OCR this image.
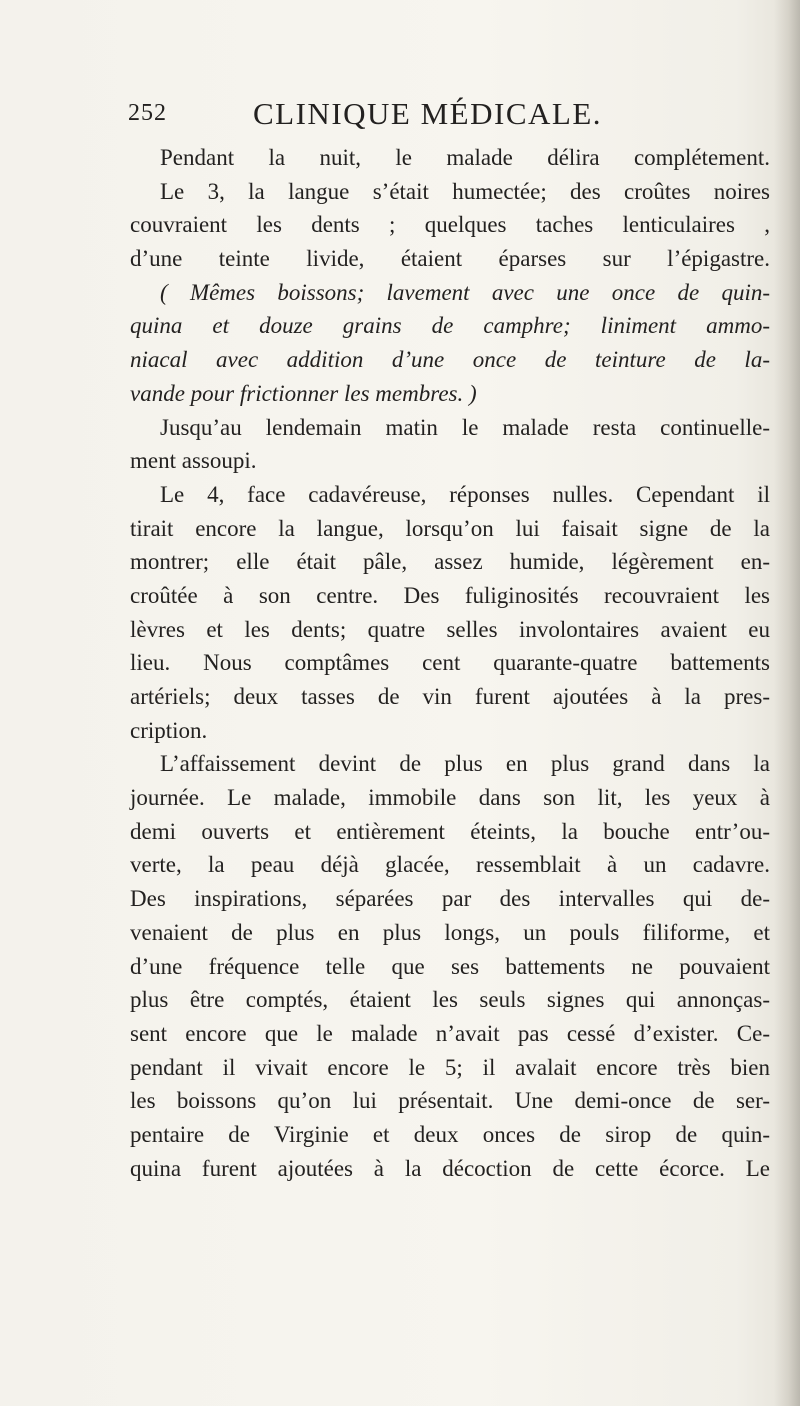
252	CLINIQUE MÉDICALE.
Pendant la nuit, le malade délira complétement.
Le 3, la langue s’était humectée; des croûtes noires
couvraient les dents ; quelques taches lenticulaires ,
d’une teinte livide, étaient éparses sur l’épigastre.
( Mêmes boissons; lavement avec une once de quin-
quina et douze grains de camphre; liniment ammo-
niacal avec addition d’une once de teinture de la-
vande pour frictionner les membres. )
Jusqu’au lendemain matin le malade resta continuelle-
ment assoupi.
Le 4, face cadavéreuse, réponses nulles. Cependant il
tirait encore la langue, lorsqu’on lui faisait signe de la
montrer; elle était pâle, assez humide, légèrement en-
croûtée à son centre. Des fuliginosités recouvraient les
lèvres et les dents; quatre selles involontaires avaient eu
lieu. Nous comptâmes cent quarante-quatre battements
artériels; deux tasses de vin furent ajoutées à la pres-
cription.
L’affaissement devint de plus en plus grand dans la
journée. Le malade, immobile dans son lit, les yeux à
demi ouverts et entièrement éteints, la bouche entr’ou-
verte, la peau déjà glacée, ressemblait à un cadavre.
Des inspirations, séparées par des intervalles qui de-
venaient de plus en plus longs, un pouls filiforme, et
d’une fréquence telle que ses battements ne pouvaient
plus être comptés, étaient les seuls signes qui annonças-
sent encore que le malade n’avait pas cessé d’exister. Ce-
pendant il vivait encore le 5; il avalait encore très bien
les boissons qu’on lui présentait. Une demi-once de ser-
pentaire de Virginie et deux onces de sirop de quin-
quina furent ajoutées à la décoction de cette écorce. Le
